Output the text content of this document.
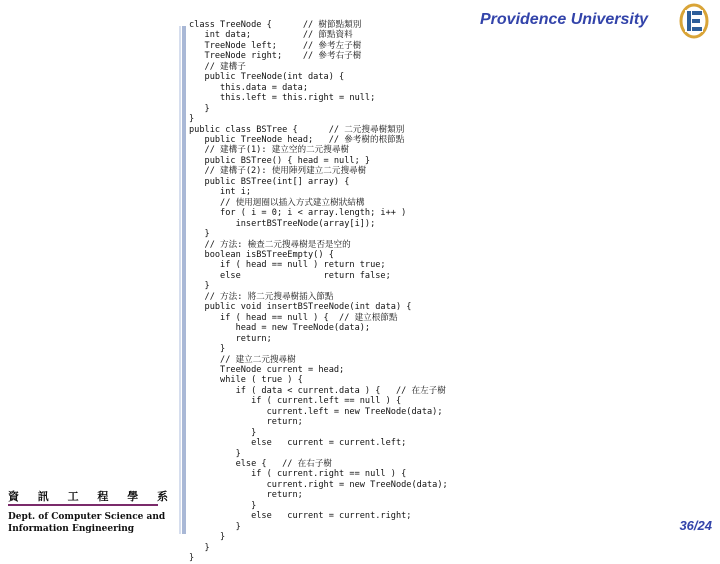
Providence University
class TreeNode {      // 樹節點類別
int data;          // 節點資料
TreeNode left;     // 參考左子樹
TreeNode right;    // 參考右子樹
// 建構子
public TreeNode(int data) {
this.data = data;
this.left = this.right = null;
}
}
public class BSTree {      // 二元搜尋樹類別
public TreeNode head;   // 參考樹的根節點
// 建構子(1): 建立空的二元搜尋樹
public BSTree() { head = null; }
// 建構子(2): 使用陣列建立二元搜尋樹
public BSTree(int[] array) {
int i;
// 使用迴圈以插入方式建立樹狀結構
for ( i = 0; i < array.length; i++ )
insertBSTreeNode(array[i]);
}
// 方法: 檢查二元搜尋樹是否是空的
boolean isBSTreeEmpty() {
if ( head == null ) return true;
else                return false;
}
// 方法: 將二元搜尋樹插入節點
public void insertBSTreeNode(int data) {
if ( head == null ) {  // 建立根節點
head = new TreeNode(data);
return;
}
// 建立二元搜尋樹
TreeNode current = head;
while ( true ) {
if ( data < current.data ) {   // 在左子樹
if ( current.left == null ) {
current.left = new TreeNode(data);
return;
}
else   current = current.left;
}
else {   // 在右子樹
if ( current.right == null ) {
current.right = new TreeNode(data);
return;
}
else   current = current.right;
}
}
}
}

資 訊 工 程 學 系
Dept. of Computer Science and
Information Engineering	36/24
